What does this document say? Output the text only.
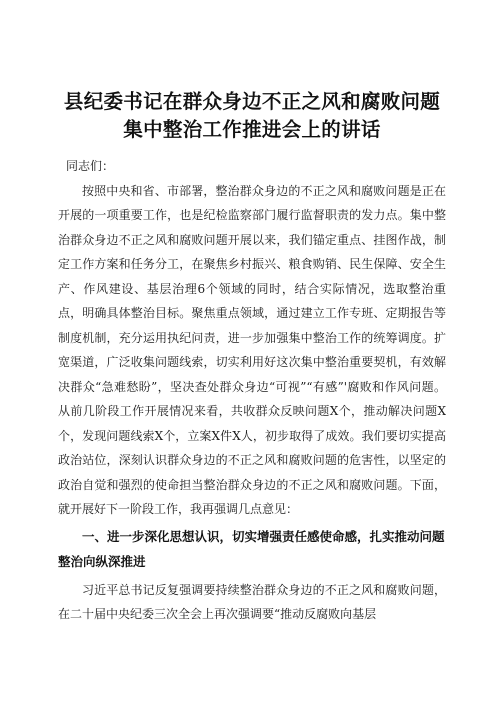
县纪委书记在群众身边不正之风和腐败问题集中整治工作推进会上的讲话

同志们：

按照中央和省、市部署，整治群众身边的不正之风和腐败问题是正在开展的一项重要工作，也是纪检监察部门履行监督职责的发力点。集中整治群众身边不正之风和腐败问题开展以来，我们锚定重点、挂图作战，制定工作方案和任务分工，在聚焦乡村振兴、粮食购销、民生保障、安全生产、作风建设、基层治理6个领域的同时，结合实际情况，选取整治重点，明确具体整治目标。聚焦重点领域，通过建立工作专班、定期报告等制度机制，充分运用执纪问责，进一步加强集中整治工作的统筹调度。扩宽渠道，广泛收集问题线索，切实利用好这次集中整治重要契机，有效解决群众“急难愁盼”，坚决查处群众身边“可视”“有感”'腐败和作风问题。从前几阶段工作开展情况来看，共收群众反映问题X个，推动解决问题X个，发现问题线索X个，立案X件X人，初步取得了成效。我们要切实提高政治站位，深刻认识群众身边的不正之风和腐败问题的危害性，以坚定的政治自觉和强烈的使命担当整治群众身边的不正之风和腐败问题。下面，就开展好下一阶段工作，我再强调几点意见：

一、进一步深化思想认识，切实增强责任感使命感，扎实推动问题整治向纵深推进

习近平总书记反复强调要持续整治群众身边的不正之风和腐败问题，在二十届中央纪委三次全会上再次强调要“推动反腐败向基层
